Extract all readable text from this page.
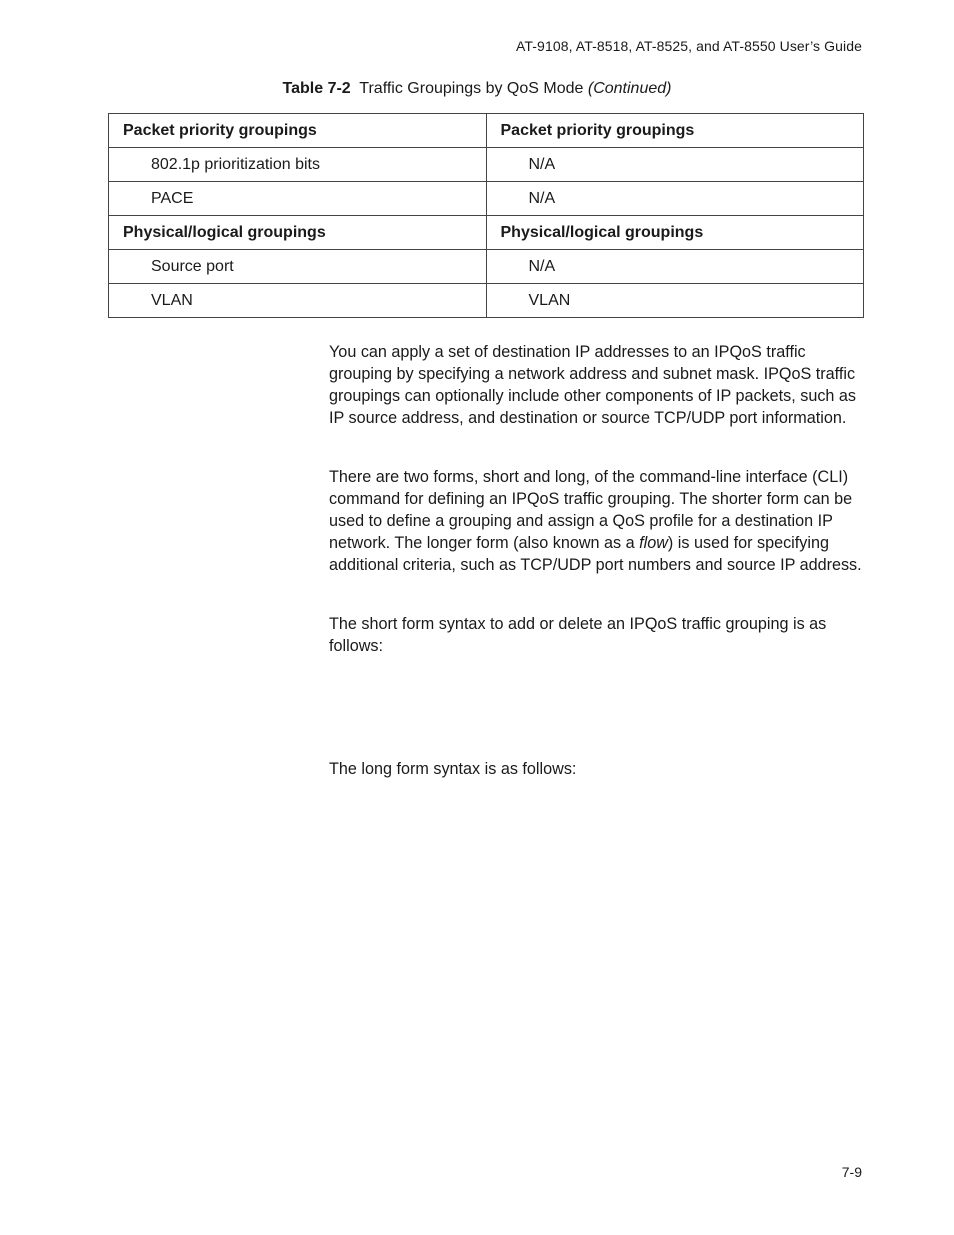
AT-9108, AT-8518, AT-8525, and AT-8550 User’s Guide
Table 7-2 Traffic Groupings by QoS Mode (Continued)
Packet priority groupings	Packet priority groupings
802.1p prioritization bits	N/A
PACE	N/A
Physical/logical groupings	Physical/logical groupings
Source port	N/A
VLAN	VLAN

You can apply a set of destination IP addresses to an IPQoS traffic grouping by specifying a network address and subnet mask. IPQoS traffic groupings can optionally include other components of IP packets, such as IP source address, and destination or source TCP/UDP port information.

There are two forms, short and long, of the command-line interface (CLI) command for defining an IPQoS traffic grouping. The shorter form can be used to define a grouping and assign a QoS profile for a destination IP network. The longer form (also known as a flow) is used for specifying additional criteria, such as TCP/UDP port numbers and source IP address.

The short form syntax to add or delete an IPQoS traffic grouping is as follows:

The long form syntax is as follows:

7-9
